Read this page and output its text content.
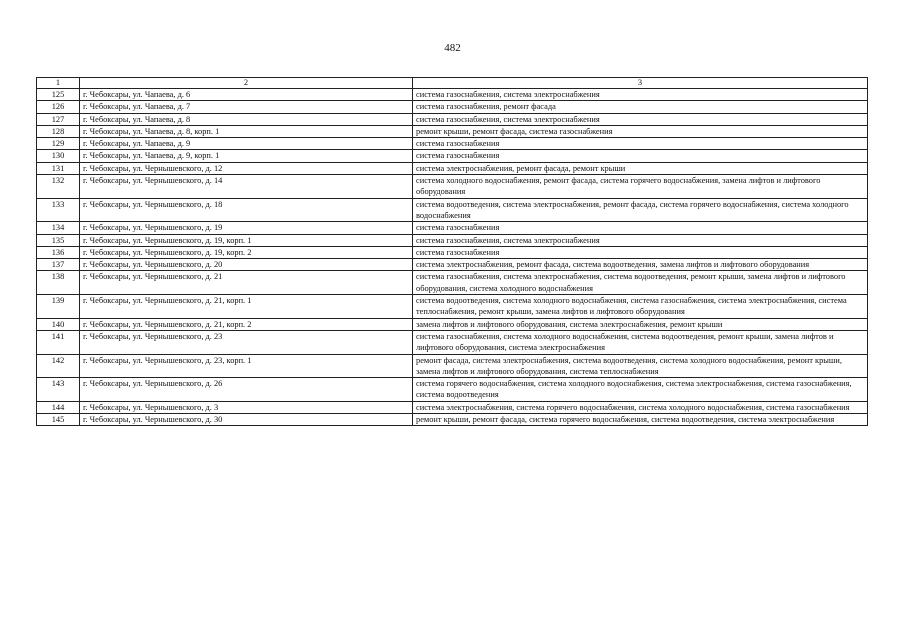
482
1	2	3
125	г. Чебоксары, ул. Чапаева, д. 6	система газоснабжения, система электроснабжения
126	г. Чебоксары, ул. Чапаева, д. 7	система газоснабжения, ремонт фасада
127	г. Чебоксары, ул. Чапаева, д. 8	система газоснабжения, система электроснабжения
128	г. Чебоксары, ул. Чапаева, д. 8, корп. 1	ремонт крыши, ремонт фасада, система газоснабжения
129	г. Чебоксары, ул. Чапаева, д. 9	система газоснабжения
130	г. Чебоксары, ул. Чапаева, д. 9, корп. 1	система газоснабжения
131	г. Чебоксары, ул. Чернышевского, д. 12	система электроснабжения, ремонт фасада, ремонт крыши
132	г. Чебоксары, ул. Чернышевского, д. 14	система холодного водоснабжения, ремонт фасада, система горячего водоснабжения, замена лифтов и лифтового оборудования
133	г. Чебоксары, ул. Чернышевского, д. 18	система водоотведения, система электроснабжения, ремонт фасада, система горячего водоснабжения, система холодного водоснабжения
134	г. Чебоксары, ул. Чернышевского, д. 19	система газоснабжения
135	г. Чебоксары, ул. Чернышевского, д. 19, корп. 1	система газоснабжения, система электроснабжения
136	г. Чебоксары, ул. Чернышевского, д. 19, корп. 2	система газоснабжения
137	г. Чебоксары, ул. Чернышевского, д. 20	система электроснабжения, ремонт фасада, система водоотведения, замена лифтов и лифтового оборудования
138	г. Чебоксары, ул. Чернышевского, д. 21	система газоснабжения, система электроснабжения, система водоотведения, ремонт крыши, замена лифтов и лифтового оборудования, система холодного водоснабжения
139	г. Чебоксары, ул. Чернышевского, д. 21, корп. 1	система водоотведения, система холодного водоснабжения, система газоснабжения, система электроснабжения, система теплоснабжения, ремонт крыши, замена лифтов и лифтового оборудования
140	г. Чебоксары, ул. Чернышевского, д. 21, корп. 2	замена лифтов и лифтового оборудования, система электроснабжения, ремонт крыши
141	г. Чебоксары, ул. Чернышевского, д. 23	система газоснабжения, система холодного водоснабжения, система водоотведения, ремонт крыши, замена лифтов и лифтового оборудования, система электроснабжения
142	г. Чебоксары, ул. Чернышевского, д. 23, корп. 1	ремонт фасада, система электроснабжения, система водоотведения, система холодного водоснабжения, ремонт крыши, замена лифтов и лифтового оборудования, система теплоснабжения
143	г. Чебоксары, ул. Чернышевского, д. 26	система горячего водоснабжения, система холодного водоснабжения, система электроснабжения, система газоснабжения, система водоотведения
144	г. Чебоксары, ул. Чернышевского, д. 3	система электроснабжения, система горячего водоснабжения, система холодного водоснабжения, система газоснабжения
145	г. Чебоксары, ул. Чернышевского, д. 30	ремонт крыши, ремонт фасада, система горячего водоснабжения, система водоотведения, система электроснабжения
